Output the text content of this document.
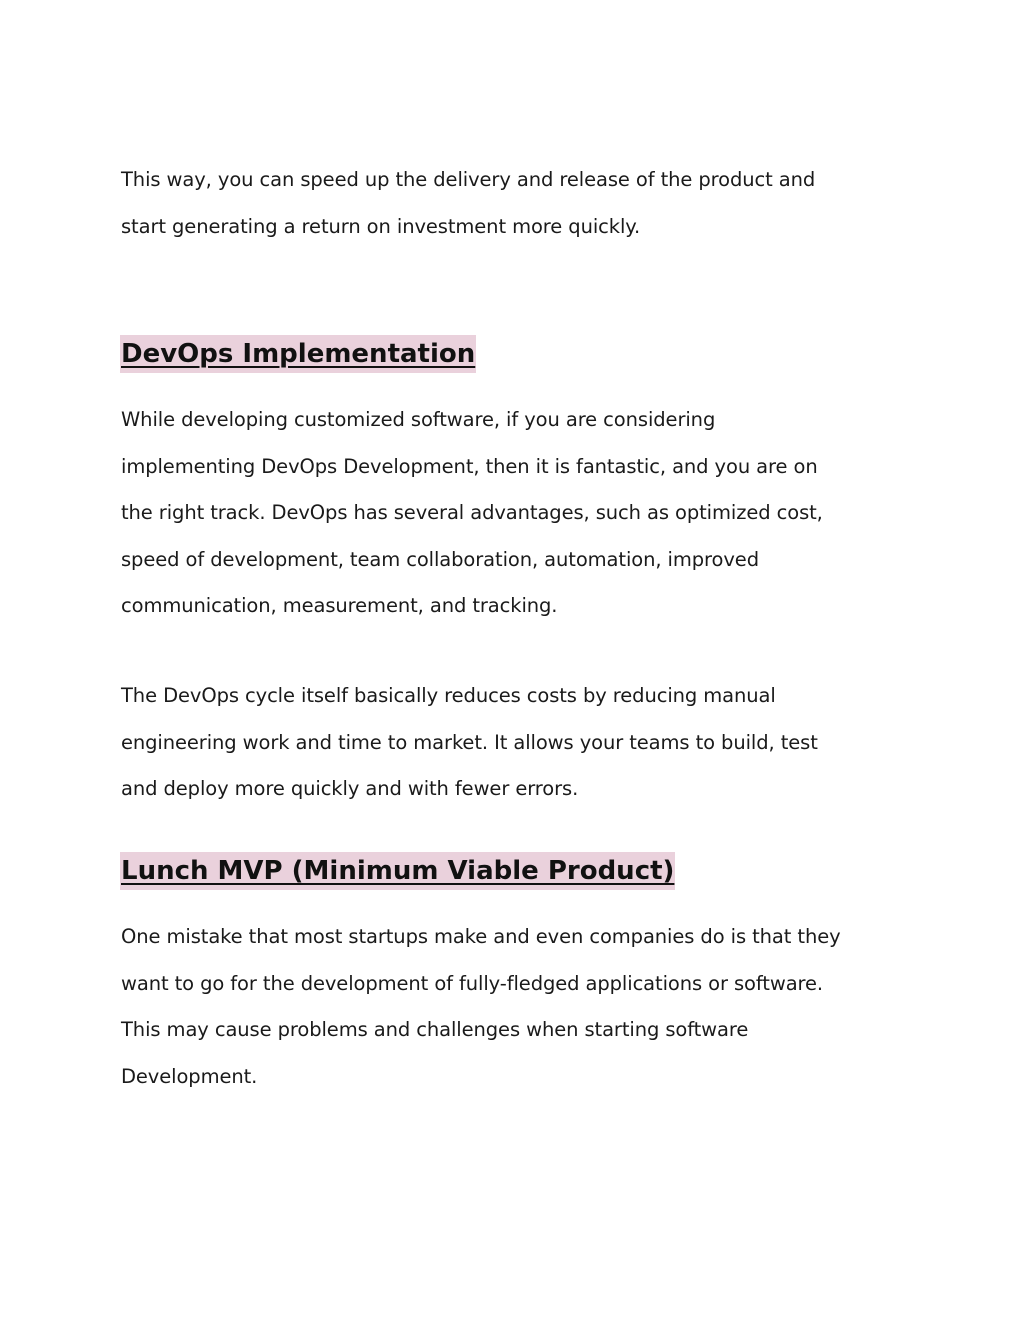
This way, you can speed up the delivery and release of the product and
start generating a return on investment more quickly.

DevOps Implementation

While developing customized software, if you are considering
implementing DevOps Development, then it is fantastic, and you are on
the right track. DevOps has several advantages, such as optimized cost,
speed of development, team collaboration, automation, improved
communication, measurement, and tracking.

The DevOps cycle itself basically reduces costs by reducing manual
engineering work and time to market. It allows your teams to build, test
and deploy more quickly and with fewer errors.

Lunch MVP (Minimum Viable Product)

One mistake that most startups make and even companies do is that they
want to go for the development of fully-fledged applications or software.
This may cause problems and challenges when starting software
Development.
